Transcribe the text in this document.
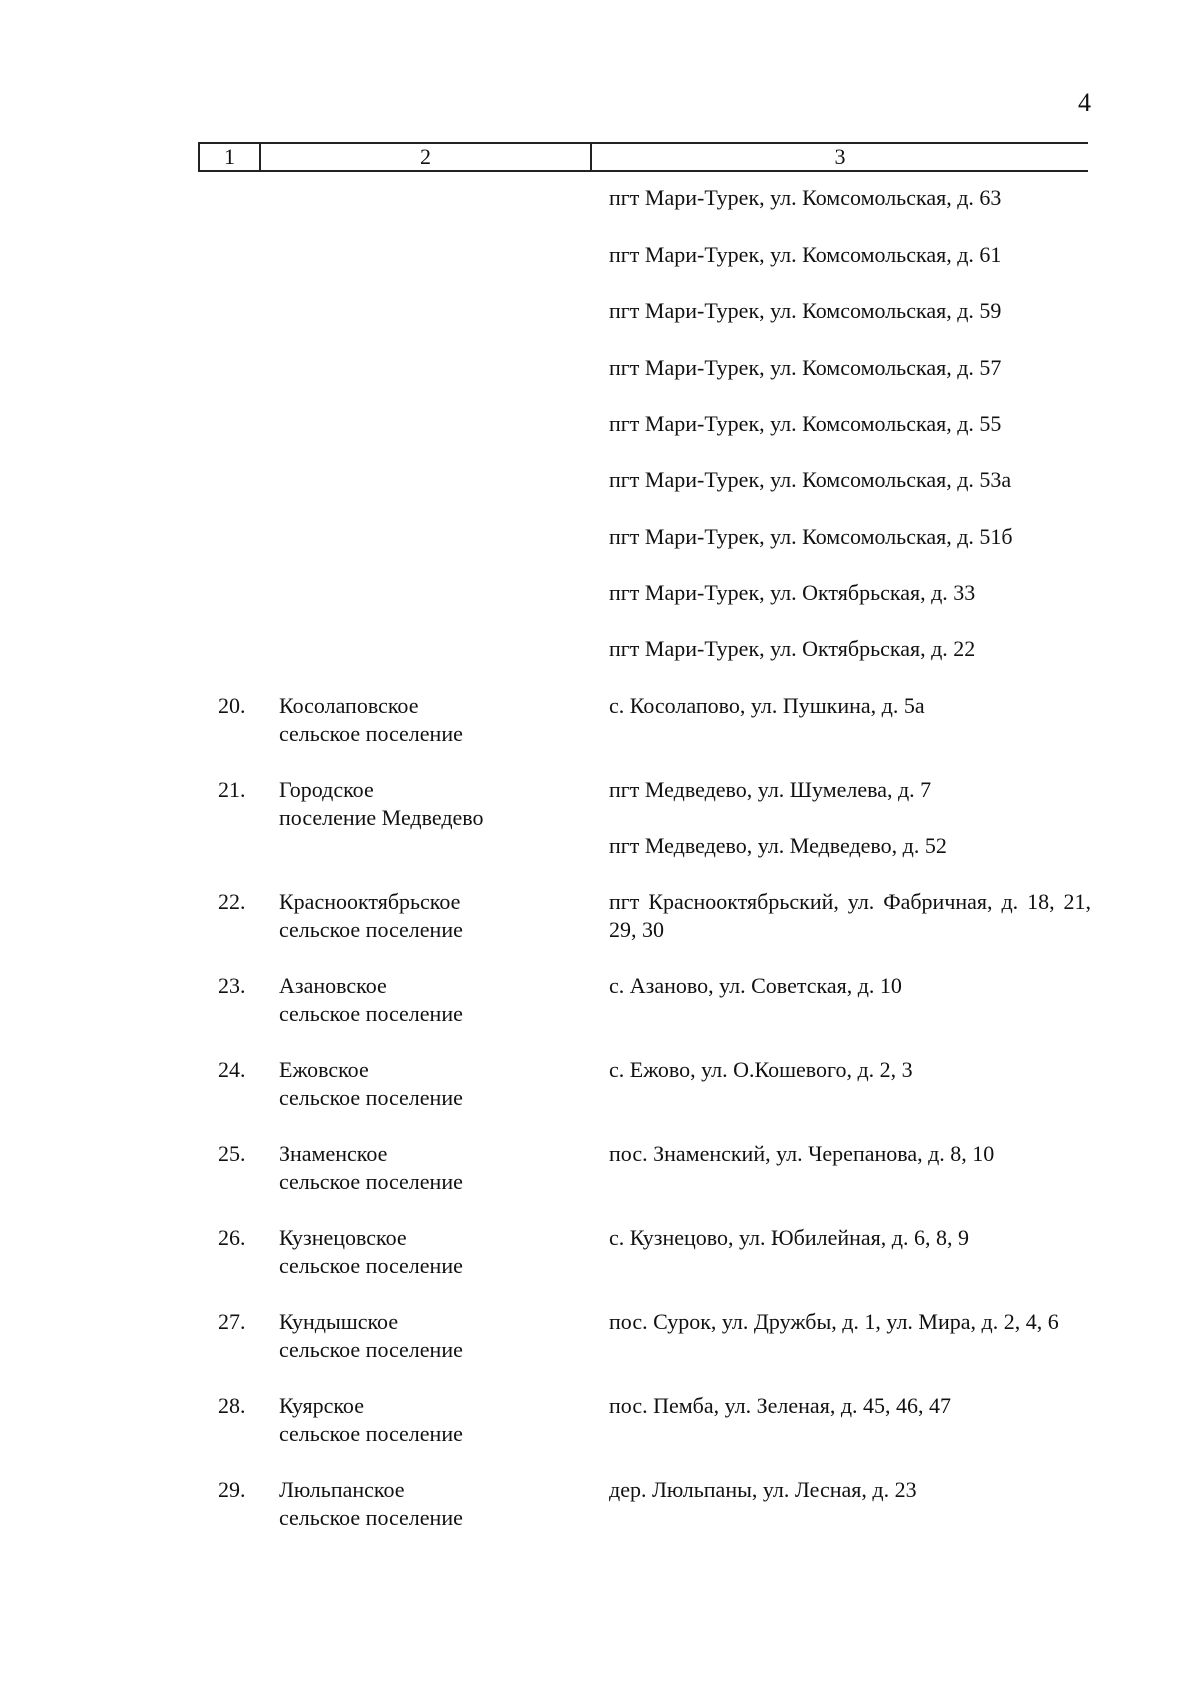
4
1	2	3
пгт Мари-Турек, ул. Комсомольская, д. 63
пгт Мари-Турек, ул. Комсомольская, д. 61
пгт Мари-Турек, ул. Комсомольская, д. 59
пгт Мари-Турек, ул. Комсомольская, д. 57
пгт Мари-Турек, ул. Комсомольская, д. 55
пгт Мари-Турек, ул. Комсомольская, д. 53а
пгт Мари-Турек, ул. Комсомольская, д. 51б
пгт Мари-Турек, ул. Октябрьская, д. 33
пгт Мари-Турек, ул. Октябрьская, д. 22
20. Косолаповское
сельское поселение
с. Косолапово, ул. Пушкина, д. 5а
21. Городское
поселение Медведево
пгт Медведево, ул. Шумелева, д. 7
пгт Медведево, ул. Медведево, д. 52
22. Краснооктябрьское
сельское поселение
пгт Краснооктябрьский, ул. Фабричная, д. 18, 21, 29, 30
23. Азановское
сельское поселение
с. Азаново, ул. Советская, д. 10
24. Ежовское
сельское поселение
с. Ежово, ул. О.Кошевого, д. 2, 3
25. Знаменское
сельское поселение
пос. Знаменский, ул. Черепанова, д. 8, 10
26. Кузнецовское
сельское поселение
с. Кузнецово, ул. Юбилейная, д. 6, 8, 9
27. Кундышское
сельское поселение
пос. Сурок, ул. Дружбы, д. 1, ул. Мира, д. 2, 4, 6
28. Куярское
сельское поселение
пос. Пемба, ул. Зеленая, д. 45, 46, 47
29. Люльпанское
сельское поселение
дер. Люльпаны, ул. Лесная, д. 23
